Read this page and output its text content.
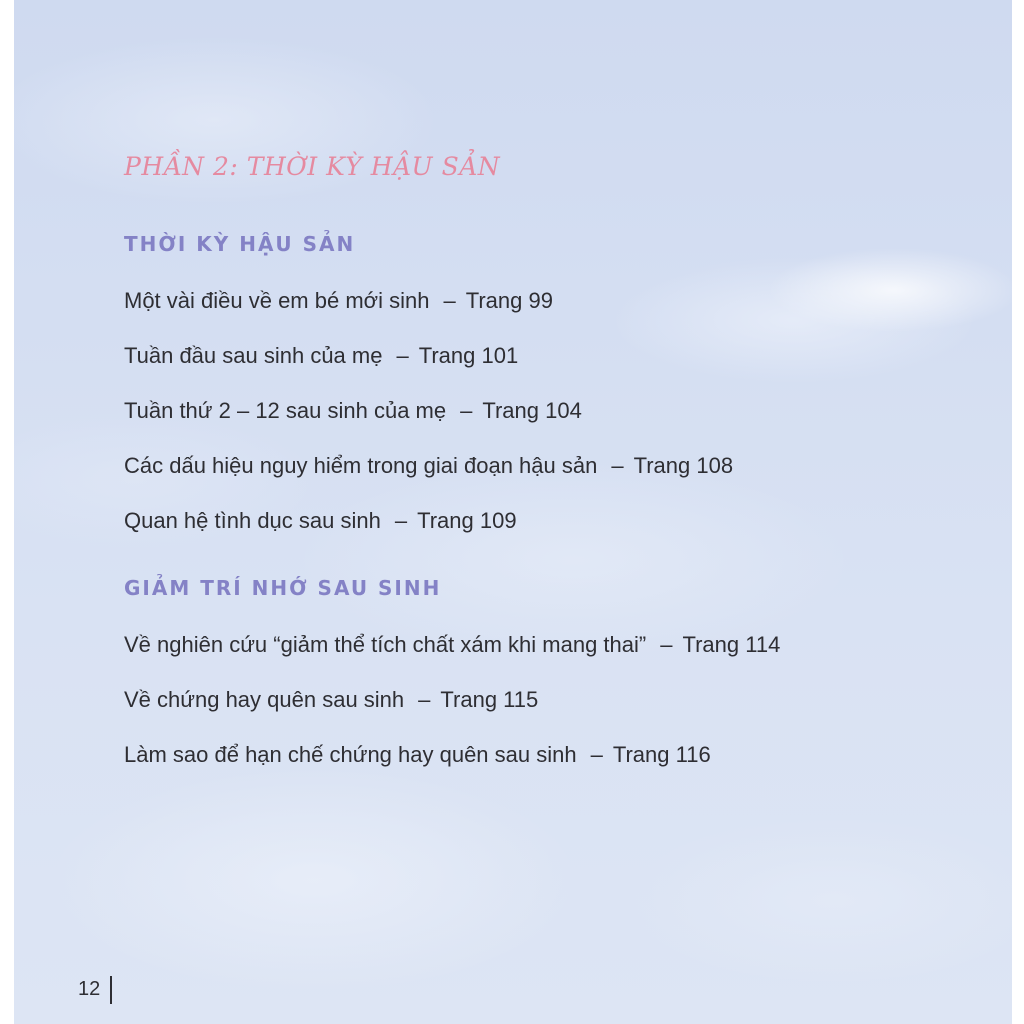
PHẦN 2: THỜI KỲ HẬU SẢN
THỜI KỲ HẬU SẢN
Một vài điều về em bé mới sinh – Trang 99
Tuần đầu sau sinh của mẹ – Trang 101
Tuần thứ 2 – 12 sau sinh của mẹ – Trang 104
Các dấu hiệu nguy hiểm trong giai đoạn hậu sản – Trang 108
Quan hệ tình dục sau sinh – Trang 109
GIẢM TRÍ NHỚ SAU SINH
Về nghiên cứu “giảm thể tích chất xám khi mang thai” – Trang 114
Về chứng hay quên sau sinh – Trang 115
Làm sao để hạn chế chứng hay quên sau sinh – Trang 116
12
